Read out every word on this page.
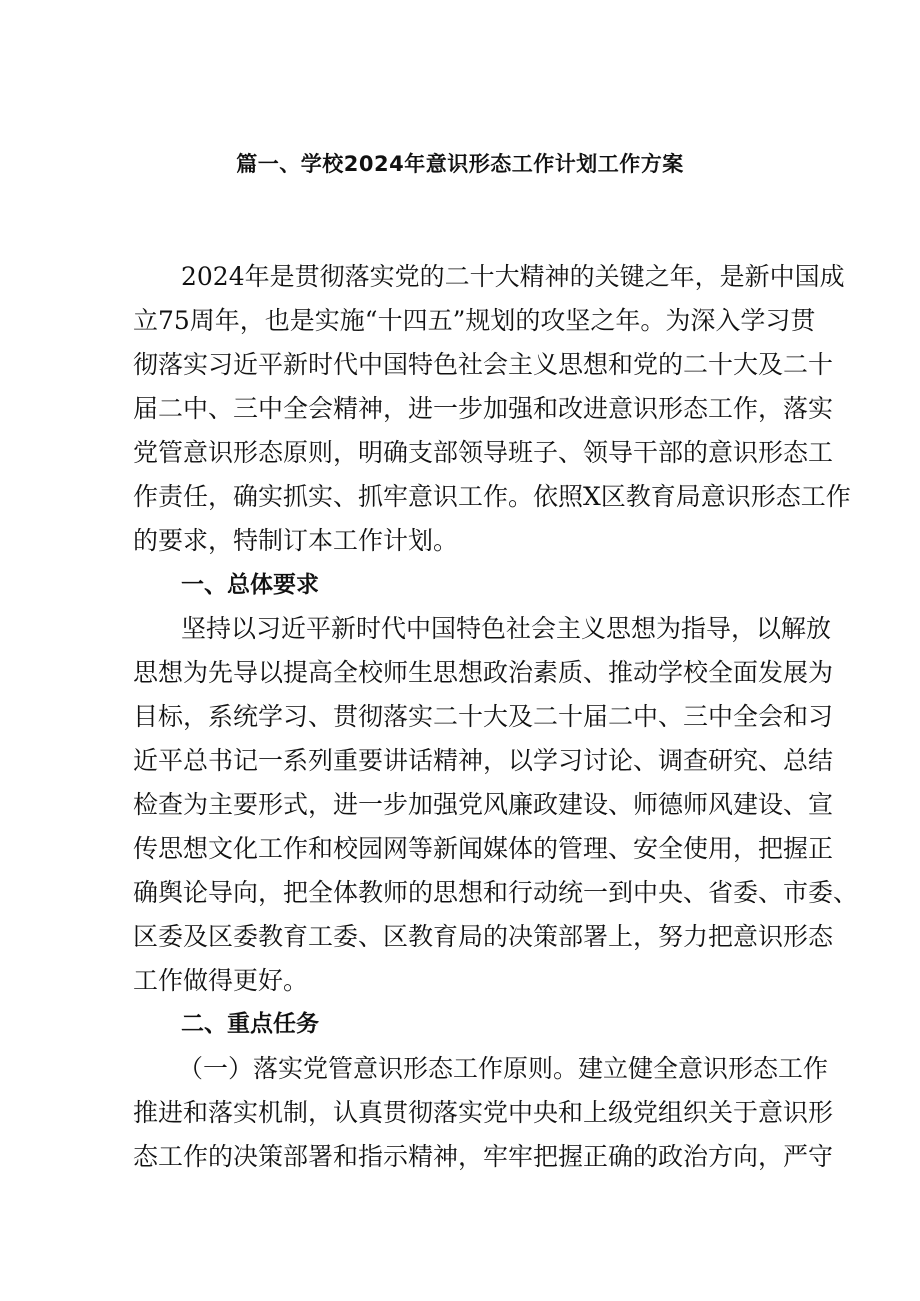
篇一、学校2024年意识形态工作计划工作方案
2024年是贯彻落实党的二十大精神的关键之年，是新中国成
立75周年，也是实施“十四五”规划的攻坚之年。为深入学习贯
彻落实习近平新时代中国特色社会主义思想和党的二十大及二十
届二中、三中全会精神，进一步加强和改进意识形态工作，落实
党管意识形态原则，明确支部领导班子、领导干部的意识形态工
作责任，确实抓实、抓牢意识工作。依照X区教育局意识形态工作
的要求，特制订本工作计划。
一、总体要求
坚持以习近平新时代中国特色社会主义思想为指导，以解放
思想为先导以提高全校师生思想政治素质、推动学校全面发展为
目标，系统学习、贯彻落实二十大及二十届二中、三中全会和习
近平总书记一系列重要讲话精神，以学习讨论、调查研究、总结
检查为主要形式，进一步加强党风廉政建设、师德师风建设、宣
传思想文化工作和校园网等新闻媒体的管理、安全使用，把握正
确舆论导向，把全体教师的思想和行动统一到中央、省委、市委、
区委及区委教育工委、区教育局的决策部署上，努力把意识形态
工作做得更好。
二、重点任务
（一）落实党管意识形态工作原则。建立健全意识形态工作
推进和落实机制，认真贯彻落实党中央和上级党组织关于意识形
态工作的决策部署和指示精神，牢牢把握正确的政治方向，严守
